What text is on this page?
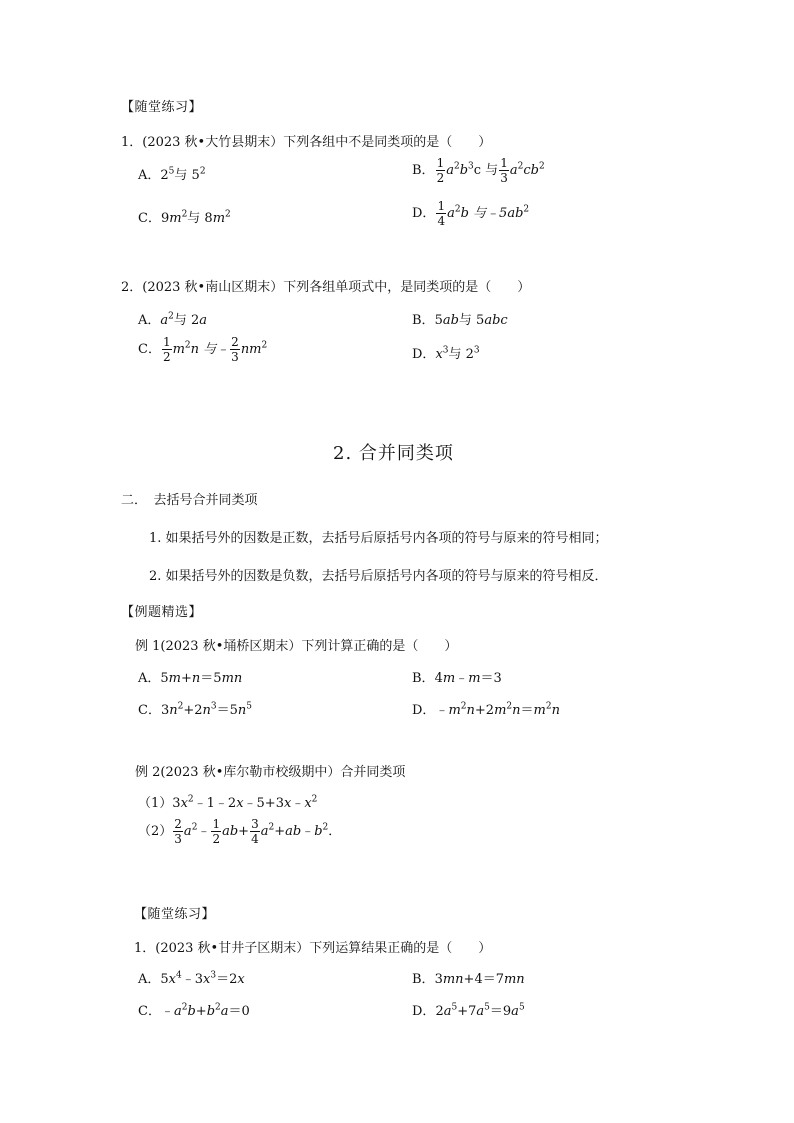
【随堂练习】
1．(2023 秋•大竹县期末）下列各组中不是同类项的是（　　）
A．$2^5$与 $5^2$	B． $\frac{1}{2} a^2b^3c$ 与 $\frac{1}{3} a^2cb^2$
C．$9m^2$与 $8m^2$	D． $\frac{1}{4} a^2b$ 与$﹣5ab^2$
2．(2023 秋•南山区期末）下列各组单项式中，是同类项的是（　　）
A．$a^2$与 2a	B．5ab与 5abc
C． $\frac{1}{2} m^2n$ 与﹣ $\frac{2}{3} nm^2$
D．$x^3$与 $2^3$
2. 合并同类项
二．　去括号合并同类项
1. 如果括号外的因数是正数，去括号后原括号内各项的符号与原来的符号相同；
2. 如果括号外的因数是负数，去括号后原括号内各项的符号与原来的符号相反．
【例题精选】
例 1(2023 秋•埇桥区期末）下列计算正确的是（　　）
A．5m+n＝5mn	B．4m﹣m＝3
C．$3n^2+2n^3=5n^5$	D．$﹣m^2n+2m^2n=m^2n$
例 2(2023 秋•库尔勒市校级期中）合并同类项
$(1)3x^2﹣1﹣2x﹣5+3x﹣x^2$
$(2) \frac{2}{3}$ $a^2﹣ \frac{1}{2} ab+ \frac{3}{4}$ $a^2+ab﹣b^2$．
【随堂练习】
1．(2023 秋•甘井子区期末）下列运算结果正确的是（　　）
A．$5x^4﹣3x^3=2x$	B．3mn+4＝7mn
C．$﹣a^2b+b^2a=0$	D．$2a^5+7a^5=9a^5$
